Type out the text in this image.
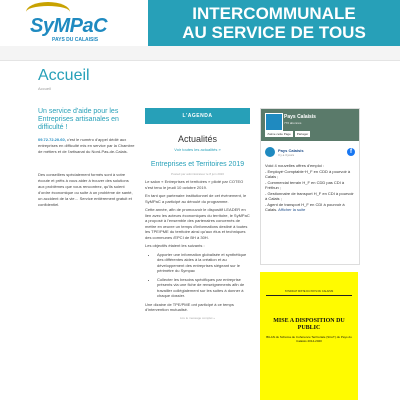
SyMPaC
PAYS DU CALAISIS
INTERCOMMUNALE
AU SERVICE DE TOUS
Accueil
Accueil
Un service d'aide pour les Entreprises artisanales en difficulté !
09.72.72.20.60, c'est le numéro d'appel dédié aux entreprises en difficulté mis en service par la Chambre de métiers et de l'artisanat du Nord-Pas-de-Calais.
Des conseillers spécialement formés sont à votre écoute et prêts à vous aider à trouver des solutions aux problèmes que vous rencontrez, qu'ils soient d'ordre économique ou suite à un problème de santé, un accident de la vie… Service entièrement gratuit et confidentiel.
L'AGENDA
Actualités
Voir toutes les actualités »
Entreprises et Territoires 2019
Posted par administrateur le 8 juin 2020

Le salon « Entreprises et territoires » piloté par COTEO s'est tenu le jeudi 10 octobre 2019.

En tant que partenaire institutionnel de cet événement, le SyMPaC a participé au déroulé du programme.

Cette année, afin de promouvoir le dispositif LEADER en lien avec les acteurs économiques du territoire, le SyMPaC a proposé à l'ensemble des partenaires concernés de mettre en œuvre un temps d'informations destiné à toutes les TPE/PME du territoire ainsi qu'aux élus et techniques des communes /EPCI de BH à 30H.

Les objectifs étaient les suivants :

• Apporter une information globalisée et synthétique des différentes aides à la création et au développement des entreprises siégeant sur le périmètre du Sympac
• Collecter les besoins spécifiques par entreprise présents via une fiche de renseignements afin de travailler collégialement sur les suites à donner à chaque dossier.

Une dizaine de TPE/PME ont participé à ce temps d'intervention mutualisé.

Lire le message complet »
Pays Calaisis
776 abonnés
J'aime cette Page	Partager
Pays Calaisis
Il y a 3 jours	f
Voici 4 nouvelles offres d'emploi :
- Employé·Comptable·H_F en CDD à pourvoir à Calais ;
- Commercial terrain H_F en CDD pas CDI à Fréthun ;
- Gestionnaire de transport H_F en CDI à pourvoir à Calais ;
- Agent de transport H_F en CDI à pourvoir à Calais. Afficher la suite
SYNDICAT MIXTE DU PAYS DU CALAISIS
MISE A DISPOSITION DU
PUBLIC
BILAN du Schéma de Cohérence Territoriale (SCoT) du Pays du Calaisis 2014-2020
